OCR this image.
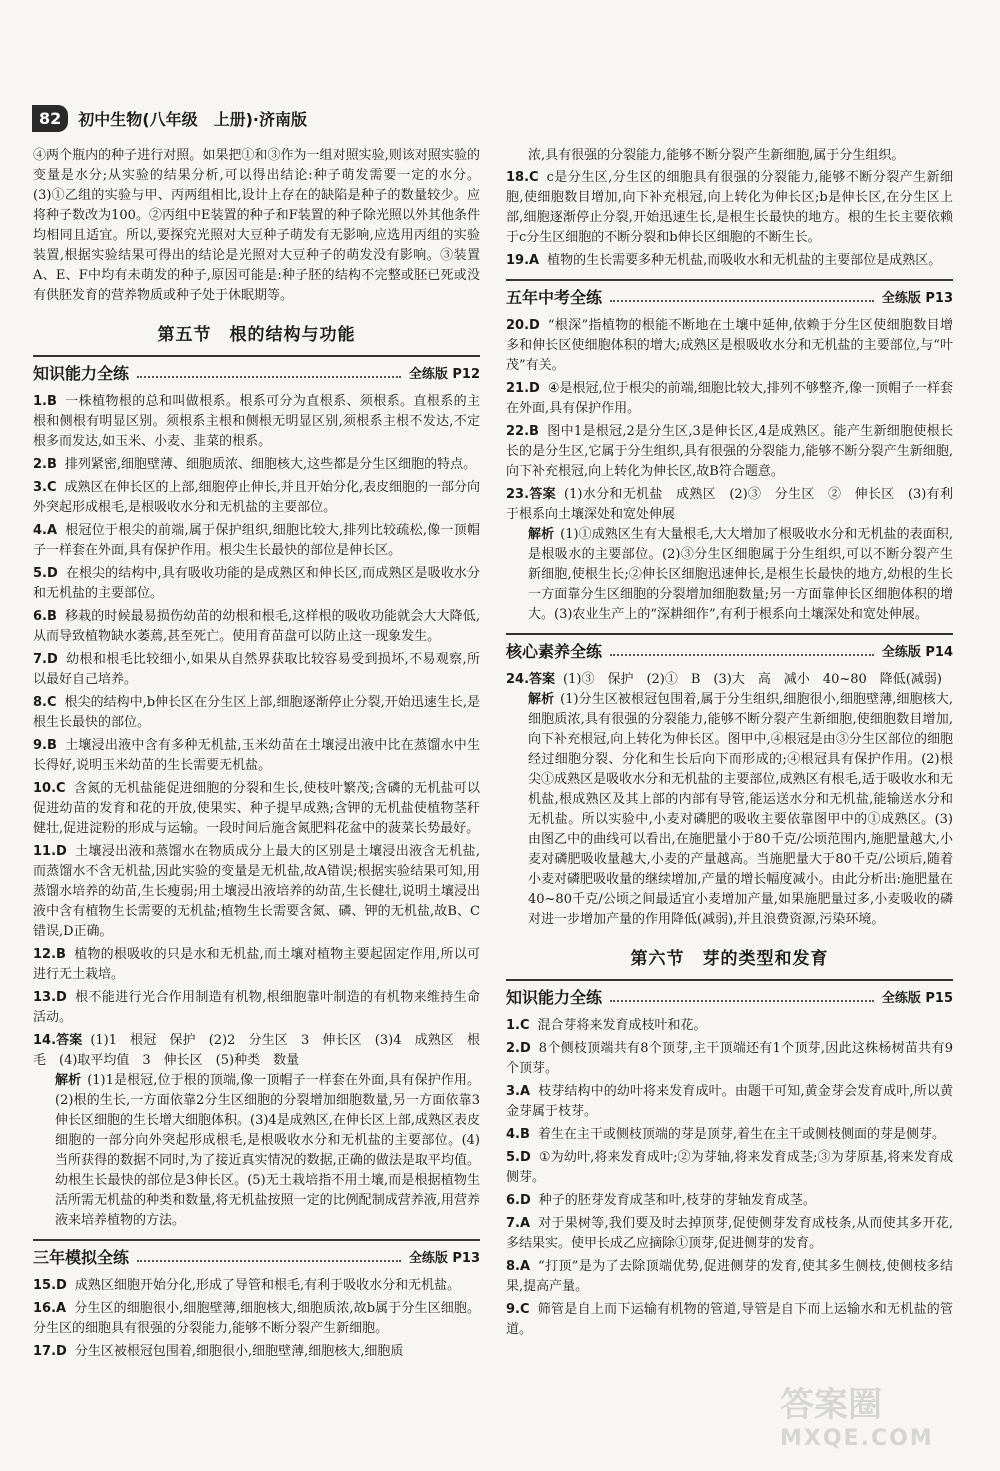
82	初中生物(八年级　上册)·济南版

④两个瓶内的种子进行对照。如果把①和③作为一组对照实验,则该对照实验的变量是水分;从实验的结果分析,可以得出结论:种子萌发需要一定的水分。(3)①乙组的实验与甲、丙两组相比,设计上存在的缺陷是种子的数量较少。应将种子数改为100。②丙组中E装置的种子和F装置的种子除光照以外其他条件均相同且适宜。所以,要探究光照对大豆种子萌发有无影响,应选用丙组的实验装置,根据实验结果可得出的结论是光照对大豆种子的萌发没有影响。③装置A、E、F中均有未萌发的种子,原因可能是:种子胚的结构不完整或胚已死或没有供胚发育的营养物质或种子处于休眠期等。

第五节　根的结构与功能
知识能力全练	全练版 P12
1.B 一株植物根的总和叫做根系。根系可分为直根系、须根系。直根系的主根和侧根有明显区别。须根系主根和侧根无明显区别,须根系主根不发达,不定根多而发达,如玉米、小麦、韭菜的根系。
2.B 排列紧密,细胞壁薄、细胞质浓、细胞核大,这些都是分生区细胞的特点。
3.C 成熟区在伸长区的上部,细胞停止伸长,并且开始分化,表皮细胞的一部分向外突起形成根毛,是根吸收水分和无机盐的主要部位。
4.A 根冠位于根尖的前端,属于保护组织,细胞比较大,排列比较疏松,像一顶帽子一样套在外面,具有保护作用。根尖生长最快的部位是伸长区。
5.D 在根尖的结构中,具有吸收功能的是成熟区和伸长区,而成熟区是吸收水分和无机盐的主要部位。
6.B 移栽的时候最易损伤幼苗的幼根和根毛,这样根的吸收功能就会大大降低,从而导致植物缺水萎蔫,甚至死亡。使用育苗盘可以防止这一现象发生。
7.D 幼根和根毛比较细小,如果从自然界获取比较容易受到损坏,不易观察,所以最好自己培养。
8.C 根尖的结构中,b伸长区在分生区上部,细胞逐渐停止分裂,开始迅速生长,是根生长最快的部位。
9.B 土壤浸出液中含有多种无机盐,玉米幼苗在土壤浸出液中比在蒸馏水中生长得好,说明玉米幼苗的生长需要无机盐。
10.C 含氮的无机盐能促进细胞的分裂和生长,使枝叶繁茂;含磷的无机盐可以促进幼苗的发育和花的开放,使果实、种子提早成熟;含钾的无机盐使植物茎秆健壮,促进淀粉的形成与运输。一段时间后施含氮肥料花盆中的菠菜长势最好。
11.D 土壤浸出液和蒸馏水在物质成分上最大的区别是土壤浸出液含无机盐,而蒸馏水不含无机盐,因此实验的变量是无机盐,故A错误;根据实验结果可知,用蒸馏水培养的幼苗,生长瘦弱;用土壤浸出液培养的幼苗,生长健壮,说明土壤浸出液中含有植物生长需要的无机盐;植物生长需要含氮、磷、钾的无机盐,故B、C错误,D正确。
12.B 植物的根吸收的只是水和无机盐,而土壤对植物主要起固定作用,所以可进行无土栽培。
13.D 根不能进行光合作用制造有机物,根细胞靠叶制造的有机物来维持生命活动。
14.答案 (1)1　根冠　保护　(2)2　分生区　3　伸长区　(3)4　成熟区　根毛　(4)取平均值　3　伸长区　(5)种类　数量
解析 (1)1是根冠,位于根的顶端,像一顶帽子一样套在外面,具有保护作用。(2)根的生长,一方面依靠2分生区细胞的分裂增加细胞数量,另一方面依靠3伸长区细胞的生长增大细胞体积。(3)4是成熟区,在伸长区上部,成熟区表皮细胞的一部分向外突起形成根毛,是根吸收水分和无机盐的主要部位。(4)当所获得的数据不同时,为了接近真实情况的数据,正确的做法是取平均值。幼根生长最快的部位是3伸长区。(5)无土栽培指不用土壤,而是根据植物生活所需无机盐的种类和数量,将无机盐按照一定的比例配制成营养液,用营养液来培养植物的方法。
三年模拟全练	全练版 P13
15.D 成熟区细胞开始分化,形成了导管和根毛,有利于吸收水分和无机盐。
16.A 分生区的细胞很小,细胞壁薄,细胞核大,细胞质浓,故b属于分生区细胞。分生区的细胞具有很强的分裂能力,能够不断分裂产生新细胞。
17.D 分生区被根冠包围着,细胞很小,细胞壁薄,细胞核大,细胞质

浓,具有很强的分裂能力,能够不断分裂产生新细胞,属于分生组织。

18.C c是分生区,分生区的细胞具有很强的分裂能力,能够不断分裂产生新细胞,使细胞数目增加,向下补充根冠,向上转化为伸长区;b是伸长区,在分生区上部,细胞逐渐停止分裂,开始迅速生长,是根生长最快的地方。根的生长主要依赖于c分生区细胞的不断分裂和b伸长区细胞的不断生长。
19.A 植物的生长需要多种无机盐,而吸收水和无机盐的主要部位是成熟区。
五年中考全练	全练版 P13
20.D “根深”指植物的根能不断地在土壤中延伸,依赖于分生区使细胞数目增多和伸长区使细胞体积的增大;成熟区是根吸收水分和无机盐的主要部位,与“叶茂”有关。
21.D ④是根冠,位于根尖的前端,细胞比较大,排列不够整齐,像一顶帽子一样套在外面,具有保护作用。
22.B 图中1是根冠,2是分生区,3是伸长区,4是成熟区。能产生新细胞使根长长的是分生区,它属于分生组织,具有很强的分裂能力,能够不断分裂产生新细胞,向下补充根冠,向上转化为伸长区,故B符合题意。
23.答案 (1)水分和无机盐　成熟区　(2)③　分生区　②　伸长区　(3)有利于根系向土壤深处和宽处伸展
解析 (1)①成熟区生有大量根毛,大大增加了根吸收水分和无机盐的表面积,是根吸水的主要部位。(2)③分生区细胞属于分生组织,可以不断分裂产生新细胞,使根生长;②伸长区细胞迅速伸长,是根生长最快的地方,幼根的生长一方面靠分生区细胞的分裂增加细胞数量;另一方面靠伸长区细胞体积的增大。(3)农业生产上的“深耕细作”,有利于根系向土壤深处和宽处伸展。
核心素养全练	全练版 P14
24.答案 (1)③　保护　(2)①　B　(3)大　高　减小　40~80　降低(减弱)
解析 (1)分生区被根冠包围着,属于分生组织,细胞很小,细胞壁薄,细胞核大,细胞质浓,具有很强的分裂能力,能够不断分裂产生新细胞,使细胞数目增加,向下补充根冠,向上转化为伸长区。图甲中,④根冠是由③分生区部位的细胞经过细胞分裂、分化和生长后向下而形成的;④根冠具有保护作用。(2)根尖①成熟区是吸收水分和无机盐的主要部位,成熟区有根毛,适于吸收水和无机盐,根成熟区及其上部的内部有导管,能运送水分和无机盐,能输送水分和无机盐。所以实验中,小麦对磷肥的吸收主要依靠图甲中的①成熟区。(3)由图乙中的曲线可以看出,在施肥量小于80千克/公顷范围内,施肥量越大,小麦对磷肥吸收量越大,小麦的产量越高。当施肥量大于80千克/公顷后,随着小麦对磷肥吸收量的继续增加,产量的增长幅度减小。由此分析出:施肥量在40~80千克/公顷之间最适宜小麦增加产量,如果施肥量过多,小麦吸收的磷对进一步增加产量的作用降低(减弱),并且浪费资源,污染环境。
第六节　芽的类型和发育
知识能力全练	全练版 P15
1.C 混合芽将来发育成枝叶和花。
2.D 8个侧枝顶端共有8个顶芽,主干顶端还有1个顶芽,因此这株杨树苗共有9个顶芽。
3.A 枝芽结构中的幼叶将来发育成叶。由题干可知,黄金芽会发育成叶,所以黄金芽属于枝芽。
4.B 着生在主干或侧枝顶端的芽是顶芽,着生在主干或侧枝侧面的芽是侧芽。
5.D ①为幼叶,将来发育成叶;②为芽轴,将来发育成茎;③为芽原基,将来发育成侧芽。
6.D 种子的胚芽发育成茎和叶,枝芽的芽轴发育成茎。
7.A 对于果树等,我们要及时去掉顶芽,促使侧芽发育成枝条,从而使其多开花,多结果实。使甲长成乙应摘除①顶芽,促进侧芽的发育。
8.A “打顶”是为了去除顶端优势,促进侧芽的发育,使其多生侧枝,使侧枝多结果,提高产量。
9.C 筛管是自上而下运输有机物的管道,导管是自下而上运输水和无机盐的管道。
答案圈
MXQE.COM
